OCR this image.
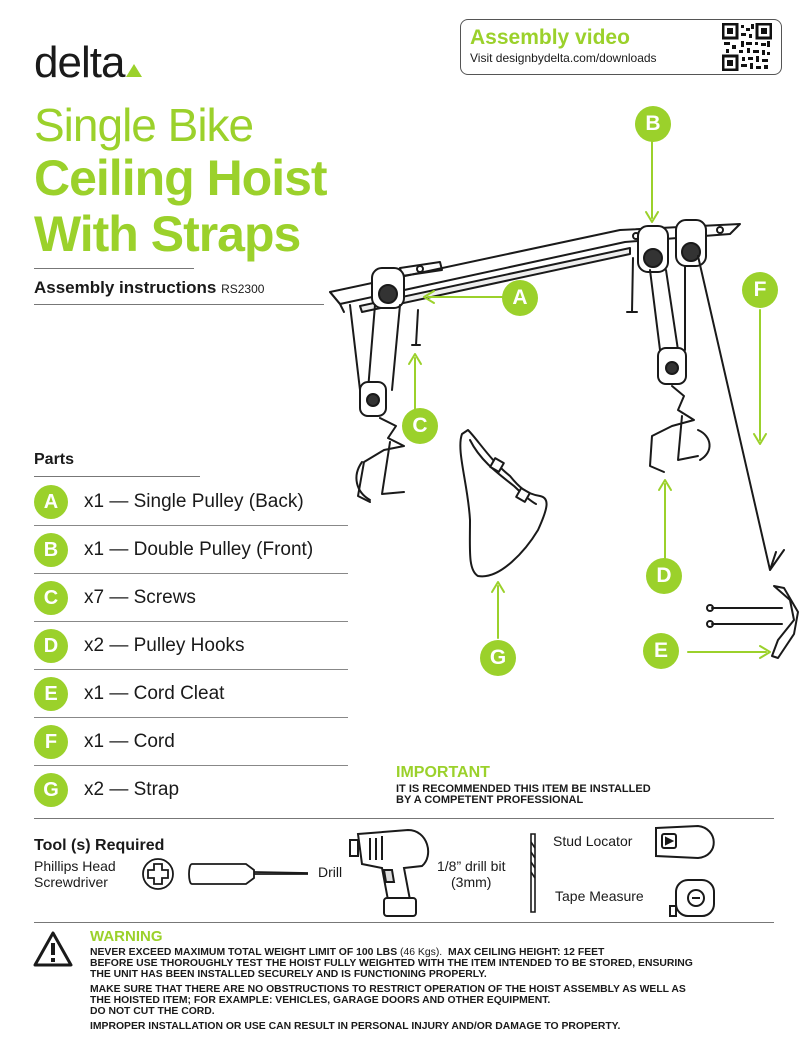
delta
Single Bike
Ceiling Hoist
With Straps
Assembly instructions RS2300
Assembly video
Visit designbydelta.com/downloads
Parts
A	x1 — Single Pulley (Back)
B	x1 — Double Pulley (Front)
C	x7 — Screws
D	x2 — Pulley Hooks
E	x1 — Cord Cleat
F	x1 — Cord
G	x2 — Strap
B
A	F
C
D
E
G
IMPORTANT
IT IS RECOMMENDED THIS ITEM BE INSTALLED
BY A COMPETENT PROFESSIONAL
Tool (s) Required
Phillips Head
Screwdriver
Drill	1/8” drill bit
(3mm)
Stud Locator
Tape Measure
WARNING
NEVER EXCEED MAXIMUM TOTAL WEIGHT LIMIT OF 100 LBS (46 Kgs). MAX CEILING HEIGHT: 12 FEET
BEFORE USE THOROUGHLY TEST THE HOIST FULLY WEIGHTED WITH THE ITEM INTENDED TO BE STORED, ENSURING
THE UNIT HAS BEEN INSTALLED SECURELY AND IS FUNCTIONING PROPERLY.
MAKE SURE THAT THERE ARE NO OBSTRUCTIONS TO RESTRICT OPERATION OF THE HOIST ASSEMBLY AS WELL AS
THE HOISTED ITEM; FOR EXAMPLE: VEHICLES, GARAGE DOORS AND OTHER EQUIPMENT.
DO NOT CUT THE CORD.
IMPROPER INSTALLATION OR USE CAN RESULT IN PERSONAL INJURY AND/OR DAMAGE TO PROPERTY.
